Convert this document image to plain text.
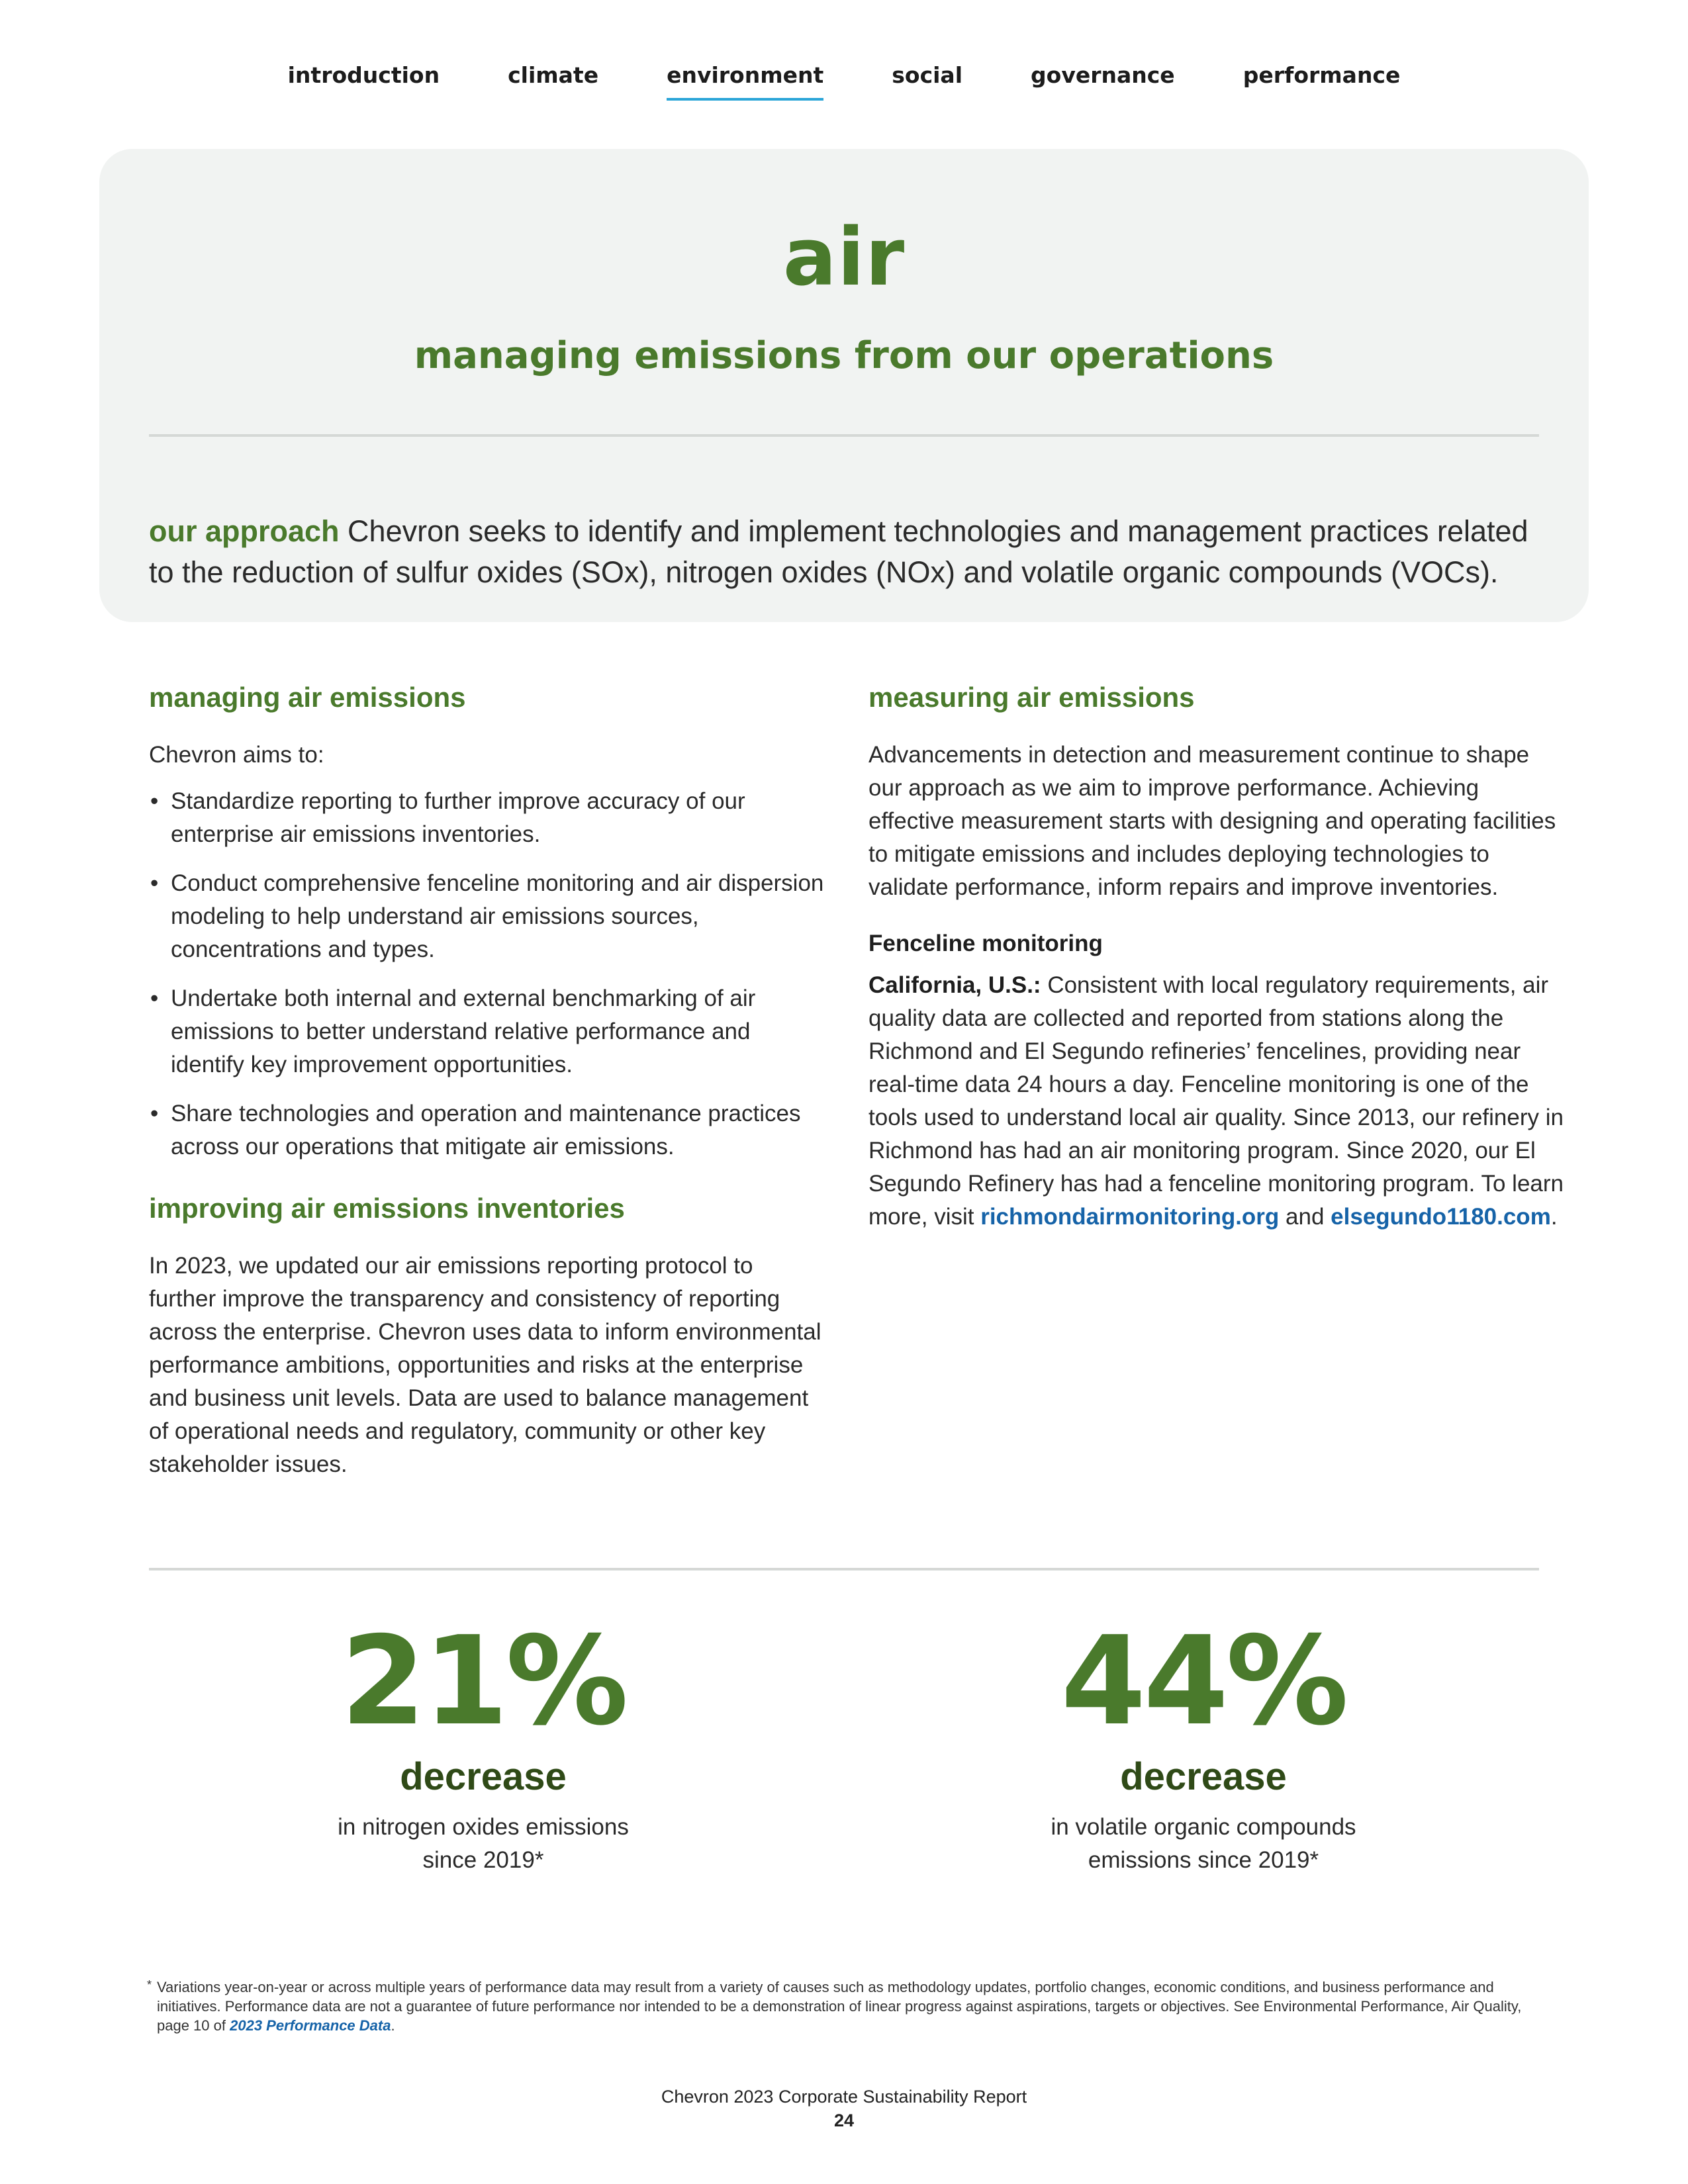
introduction	climate	environment	social	governance	performance
air
managing emissions from our operations

our approach Chevron seeks to identify and implement technologies and management practices related to the reduction of sulfur oxides (SOx), nitrogen oxides (NOx) and volatile organic compounds (VOCs).

managing air emissions

Chevron aims to:

• Standardize reporting to further improve accuracy of our enterprise air emissions inventories.
• Conduct comprehensive fenceline monitoring and air dispersion modeling to help understand air emissions sources, concentrations and types.
• Undertake both internal and external benchmarking of air emissions to better understand relative performance and identify key improvement opportunities.
• Share technologies and operation and maintenance practices across our operations that mitigate air emissions.
improving air emissions inventories

In 2023, we updated our air emissions reporting protocol to further improve the transparency and consistency of reporting across the enterprise. Chevron uses data to inform environmental performance ambitions, opportunities and risks at the enterprise and business unit levels. Data are used to balance management of operational needs and regulatory, community or other key stakeholder issues.

measuring air emissions

Advancements in detection and measurement continue to shape our approach as we aim to improve performance. Achieving effective measurement starts with designing and operating facilities to mitigate emissions and includes deploying technologies to validate performance, inform repairs and improve inventories.

Fenceline monitoring

California, U.S.: Consistent with local regulatory requirements, air quality data are collected and reported from stations along the Richmond and El Segundo refineries’ fencelines, providing near real-time data 24 hours a day. Fenceline monitoring is one of the tools used to understand local air quality. Since 2013, our refinery in Richmond has had an air monitoring program. Since 2020, our El Segundo Refinery has had a fenceline monitoring program. To learn more, visit richmondairmonitoring.org and elsegundo1180.com.

21%
decrease
in nitrogen oxides emissions
since 2019*
44%
decrease
in volatile organic compounds
emissions since 2019*
* Variations year-on-year or across multiple years of performance data may result from a variety of causes such as methodology updates, portfolio changes, economic conditions, and business performance and initiatives. Performance data are not a guarantee of future performance nor intended to be a demonstration of linear progress against aspirations, targets or objectives. See Environmental Performance, Air Quality, page 10 of 2023 Performance Data.

Chevron 2023 Corporate Sustainability Report
24
